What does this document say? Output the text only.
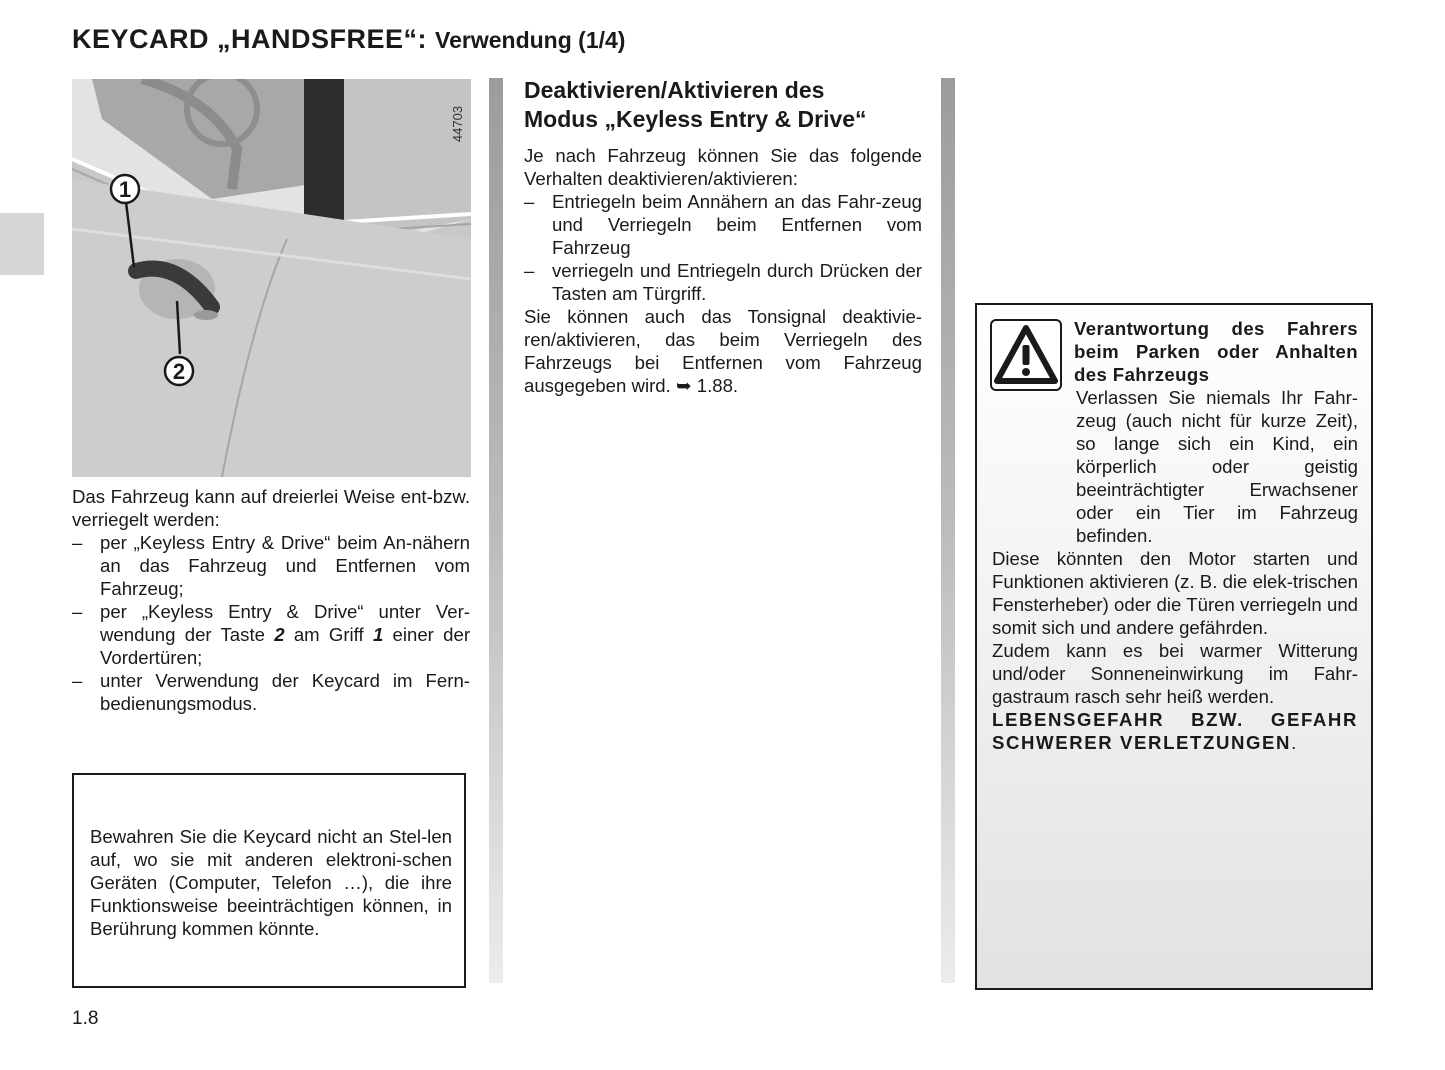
KEYCARD „HANDSFREE“: Verwendung (1/4)
1
2
44703

Das Fahrzeug kann auf dreierlei Weise ent-bzw. verriegelt werden:

– per „Keyless Entry & Drive“ beim An-nähern an das Fahrzeug und Entfernen vom Fahrzeug;
– per „Keyless Entry & Drive“ unter Ver-wendung der Taste 2 am Griff 1 einer der Vordertüren;
– unter Verwendung der Keycard im Fern-bedienungsmodus.

Bewahren Sie die Keycard nicht an Stel-len auf, wo sie mit anderen elektroni-schen Geräten (Computer, Telefon …), die ihre Funktionsweise beeinträchtigen können, in Berührung kommen könnte.

Deaktivieren/Aktivieren des
Modus „Keyless Entry & Drive“

Je nach Fahrzeug können Sie das folgende Verhalten deaktivieren/aktivieren:

– Entriegeln beim Annähern an das Fahr-zeug und Verriegeln beim Entfernen vom Fahrzeug
– verriegeln und Entriegeln durch Drücken der Tasten am Türgriff.

Sie können auch das Tonsignal deaktivie-ren/aktivieren, das beim Verriegeln des Fahrzeugs bei Entfernen vom Fahrzeug ausgegeben wird. ➥ 1.88.

Verantwortung des Fahrers beim Parken oder Anhalten des Fahrzeugs

Verlassen Sie niemals Ihr Fahr-zeug (auch nicht für kurze Zeit), so lange sich ein Kind, ein körperlich oder geistig beeinträchtigter Erwachsener oder ein Tier im Fahrzeug befinden.

Diese könnten den Motor starten und Funktionen aktivieren (z. B. die elek-trischen Fensterheber) oder die Türen verriegeln und somit sich und andere gefährden.

Zudem kann es bei warmer Witterung und/oder Sonneneinwirkung im Fahr-gastraum rasch sehr heiß werden.

LEBENSGEFAHR BZW. GEFAHR SCHWERER VERLETZUNGEN.

1.8
